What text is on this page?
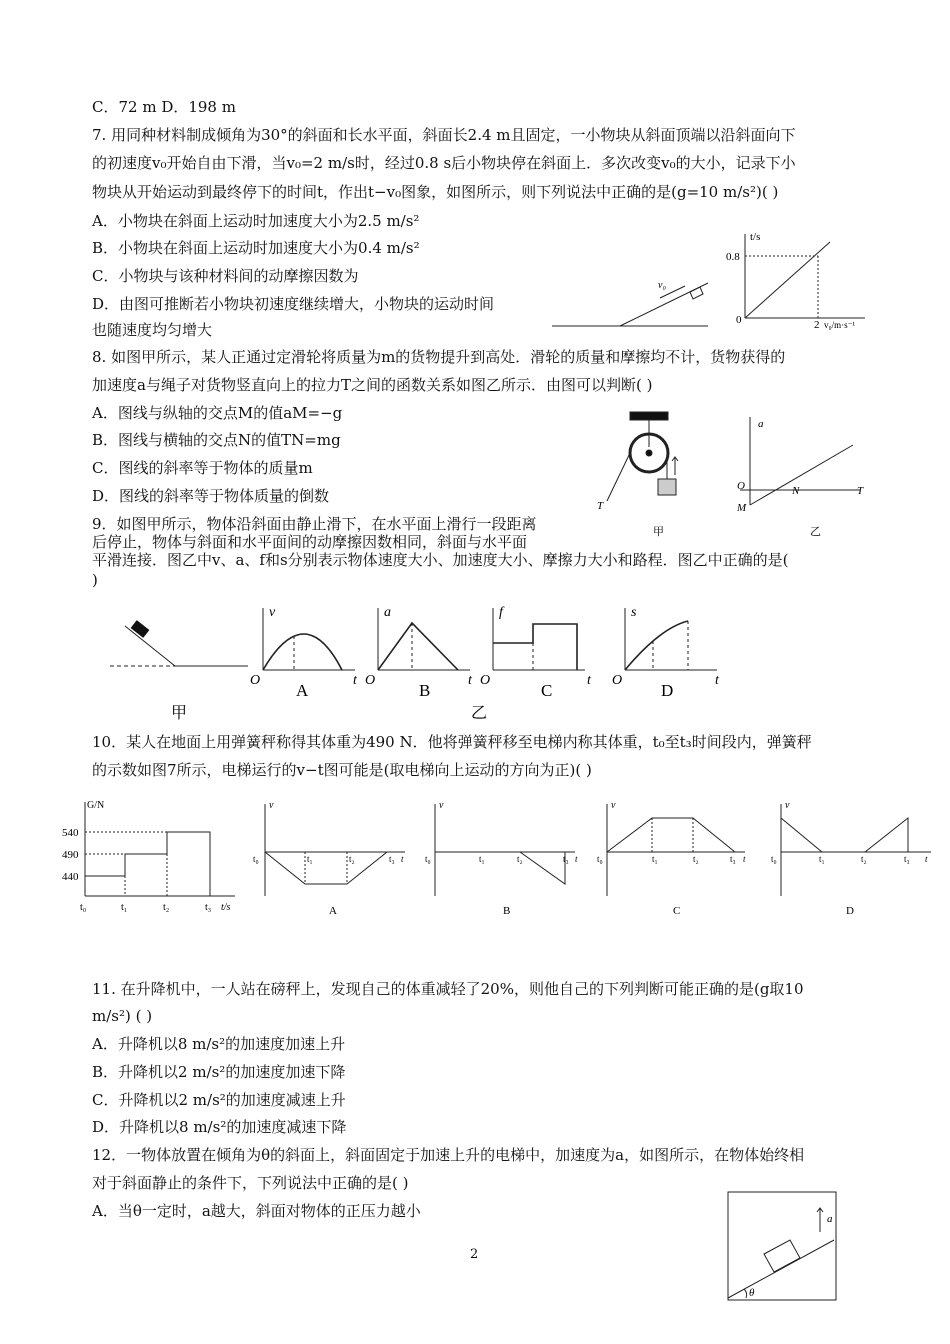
C．72 m D．198 m
7. 用同种材料制成倾角为30°的斜面和长水平面，斜面长2.4 m且固定，一小物块从斜面顶端以沿斜面向下
的初速度v₀开始自由下滑，当v₀=2 m/s时，经过0.8 s后小物块停在斜面上．多次改变v₀的大小，记录下小
物块从开始运动到最终停下的时间t，作出t−v₀图象，如图所示，则下列说法中正确的是(g=10 m/s²)( )
A．小物块在斜面上运动时加速度大小为2.5 m/s²
B．小物块在斜面上运动时加速度大小为0.4 m/s²
C．小物块与该种材料间的动摩擦因数为
D．由图可推断若小物块初速度继续增大，小物块的运动时间
也随速度均匀增大
8. 如图甲所示，某人正通过定滑轮将质量为m的货物提升到高处．滑轮的质量和摩擦均不计，货物获得的
加速度a与绳子对货物竖直向上的拉力T之间的函数关系如图乙所示．由图可以判断( )
A．图线与纵轴的交点M的值aM=−g
B．图线与横轴的交点N的值TN=mg
C．图线的斜率等于物体的质量m
D．图线的斜率等于物体质量的倒数
9．如图甲所示，物体沿斜面由静止滑下，在水平面上滑行一段距离
后停止，物体与斜面和水平面间的动摩擦因数相同，斜面与水平面
平滑连接．图乙中v、a、f和s分别表示物体速度大小、加速度大小、摩擦力大小和路程．图乙中正确的是(
)
10．某人在地面上用弹簧秤称得其体重为490 N．他将弹簧秤移至电梯内称其体重，t₀至t₃时间段内，弹簧秤
的示数如图7所示，电梯运行的v−t图可能是(取电梯向上运动的方向为正)( )
11. 在升降机中，一人站在磅秤上，发现自己的体重减轻了20%，则他自己的下列判断可能正确的是(g取10
m/s²) ( )
A．升降机以8 m/s²的加速度加速上升
B．升降机以2 m/s²的加速度加速下降
C．升降机以2 m/s²的加速度减速上升
D．升降机以8 m/s²的加速度减速下降
12．一物体放置在倾角为θ的斜面上，斜面固定于加速上升的电梯中，加速度为a，如图所示，在物体始终相
对于斜面静止的条件下，下列说法中正确的是( )
A．当θ一定时，a越大，斜面对物体的正压力越小
v₀
t/s
0.8
0	2 v₀/m·s⁻¹
T
a
O	N	T
M
甲	乙
v	a	f	s
O	O	O	O
t	t	t	t
A	B	C	D
甲	乙
G/N
540
490
440
t₀	t₁	t₂	t₃ t/s
v	v	v	v
t₀	t₁	t₂	t₃ t t₀	t₁	t₂	t₃ t t₀	t₁	t₂	t₃ t	t₀	t₁	t₂	t₃ t
A	B	C	D
a
θ
2
